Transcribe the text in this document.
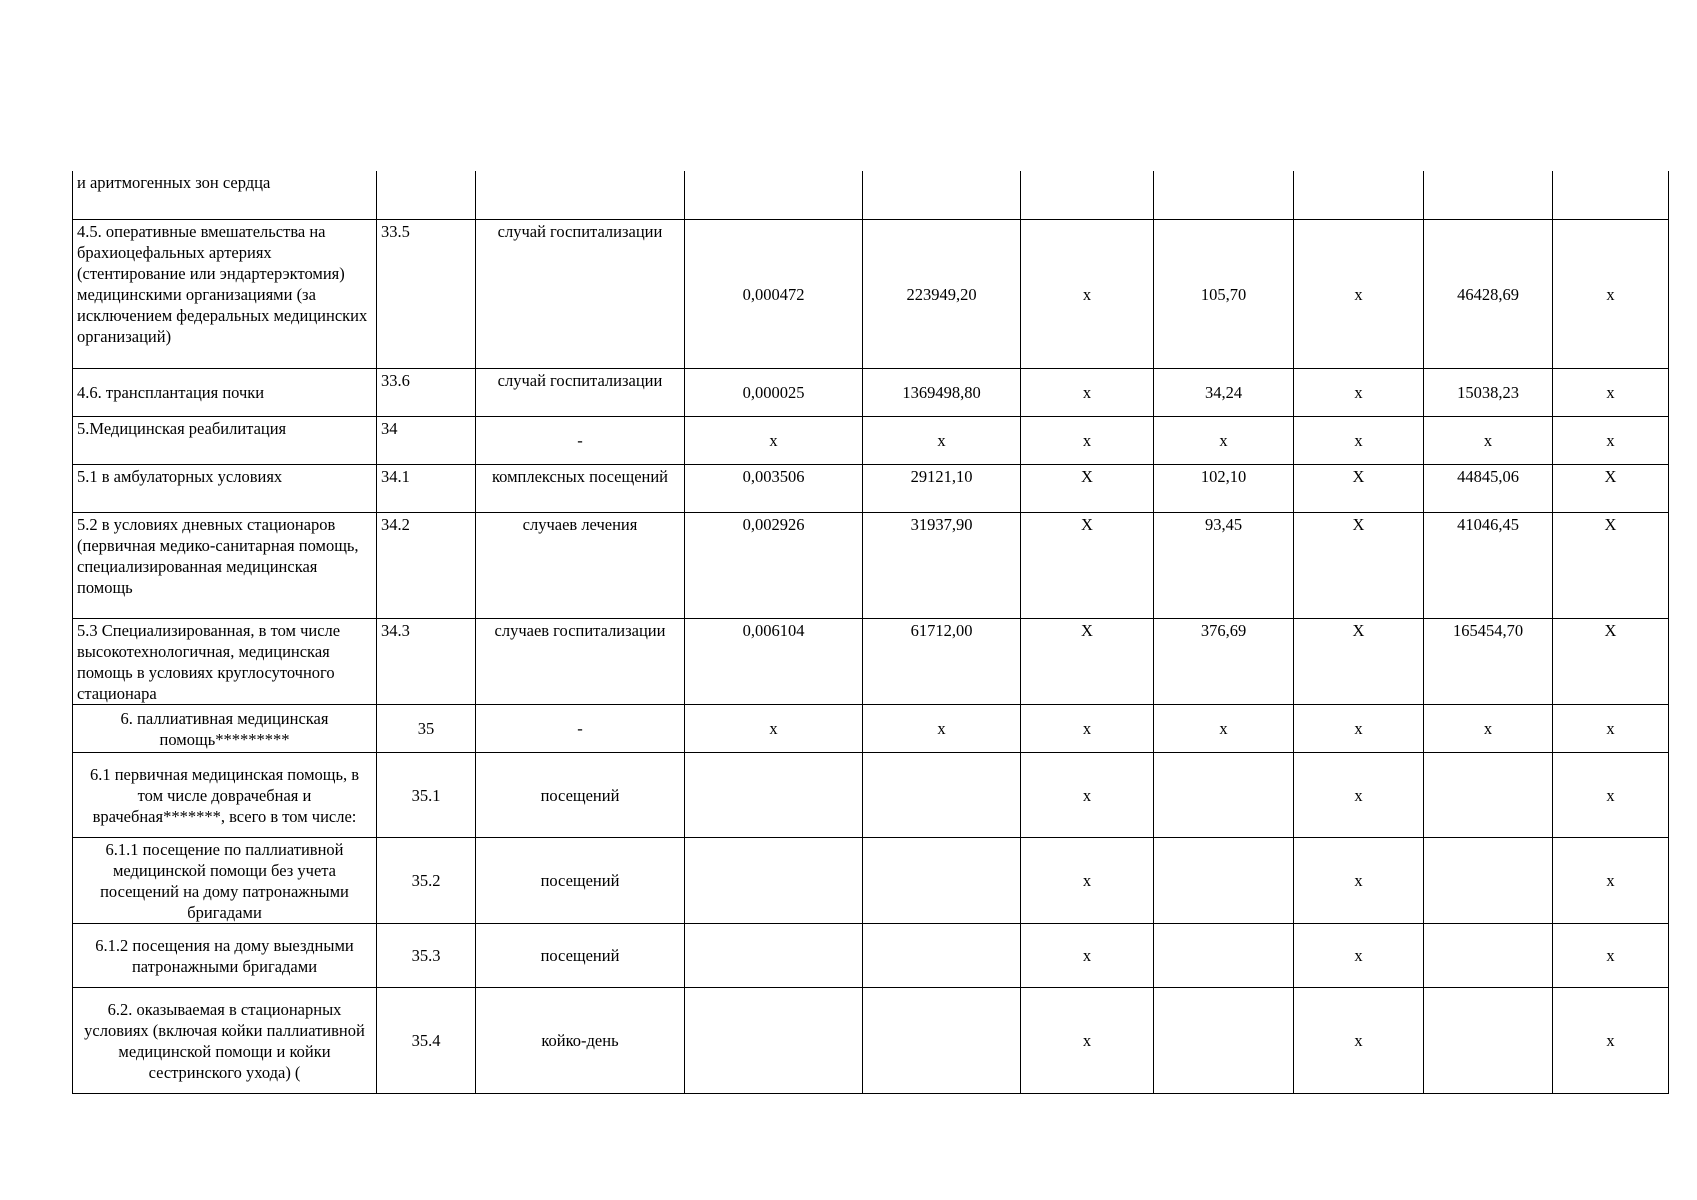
и аритмогенных зон сердца									
4.5. оперативные вмешательства на брахиоцефальных артериях (стентирование или эндартерэктомия) медицинскими организациями (за исключением федеральных медицинских организаций)	33.5	случай госпитализации	0,000472	223949,20	x	105,70	x	46428,69	x
4.6. трансплантация почки	33.6	случай госпитализации	0,000025	1369498,80	x	34,24	x	15038,23	x
5.Медицинская реабилитация	34	-	x	x	x	x	x	x	x
5.1 в амбулаторных условиях	34.1	комплексных посещений	0,003506	29121,10	X	102,10	X	44845,06	X
5.2 в условиях дневных стационаров (первичная медико-санитарная помощь, специализированная медицинская помощь	34.2	случаев лечения	0,002926	31937,90	X	93,45	X	41046,45	X
5.3 Специализированная, в том числе высокотехнологичная, медицинская помощь в условиях круглосуточного стационара	34.3	случаев госпитализации	0,006104	61712,00	X	376,69	X	165454,70	X
6. паллиативная медицинская помощь*********	35	-	x	x	x	x	x	x	x
6.1 первичная медицинская помощь, в том числе доврачебная и врачебная*******, всего в том числе:	35.1	посещений			x		x		x
6.1.1 посещение по паллиативной медицинской помощи без учета посещений на дому патронажными бригадами	35.2	посещений			x		x		x
6.1.2 посещения на дому выездными патронажными бригадами	35.3	посещений			x		x		x
6.2. оказываемая в стационарных условиях (включая койки паллиативной медицинской помощи и койки сестринского ухода) (	35.4	койко-день			x		x		x
